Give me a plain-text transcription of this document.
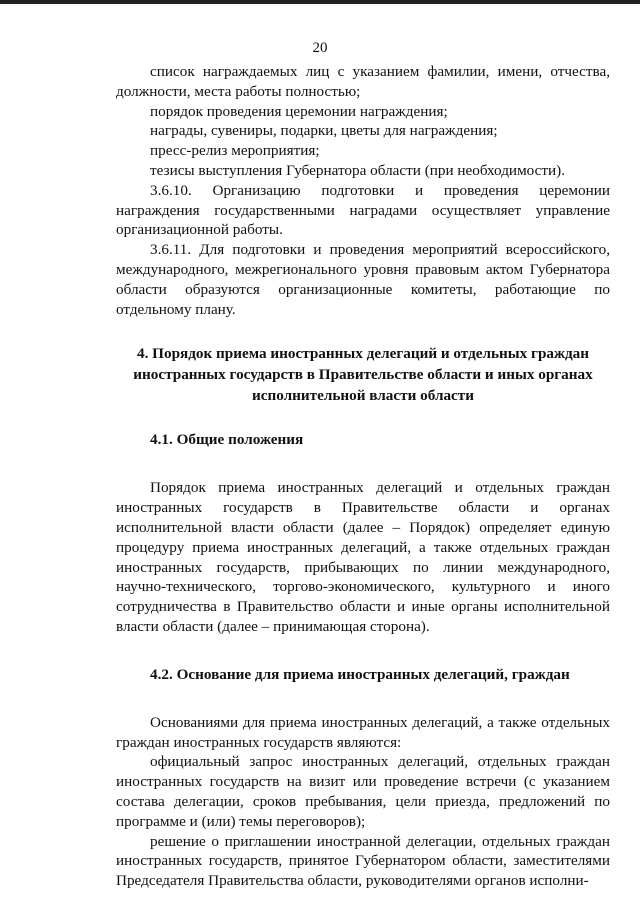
20

список награждаемых лиц с указанием фамилии, имени, отчества, должности, места работы полностью;

порядок проведения церемонии награждения;

награды, сувениры, подарки, цветы для награждения;

пресс-релиз мероприятия;

тезисы выступления Губернатора области (при необходимости).

3.6.10. Организацию подготовки и проведения церемонии награждения государственными наградами осуществляет управление организационной работы.

3.6.11. Для подготовки и проведения мероприятий всероссийского, международного, межрегионального уровня правовым актом Губернатора области образуются организационные комитеты, работающие по отдельному плану.

4. Порядок приема иностранных делегаций и отдельных граждан иностранных государств в Правительстве области и иных органах исполнительной власти области
4.1. Общие положения

Порядок приема иностранных делегаций и отдельных граждан иностранных государств в Правительстве области и органах исполнительной власти области (далее – Порядок) определяет единую процедуру приема иностранных делегаций, а также отдельных граждан иностранных государств, прибывающих по линии международного, научно-технического, торгово-экономического, культурного и иного сотрудничества в Правительство области и иные органы исполнительной власти области (далее – принимающая сторона).

4.2. Основание для приема иностранных делегаций, граждан

Основаниями для приема иностранных делегаций, а также отдельных граждан иностранных государств являются:

официальный запрос иностранных делегаций, отдельных граждан иностранных государств на визит или проведение встречи (с указанием состава делегации, сроков пребывания, цели приезда, предложений по программе и (или) темы переговоров);

решение о приглашении иностранной делегации, отдельных граждан иностранных государств, принятое Губернатором области, заместителями Председателя Правительства области, руководителями органов исполни-
